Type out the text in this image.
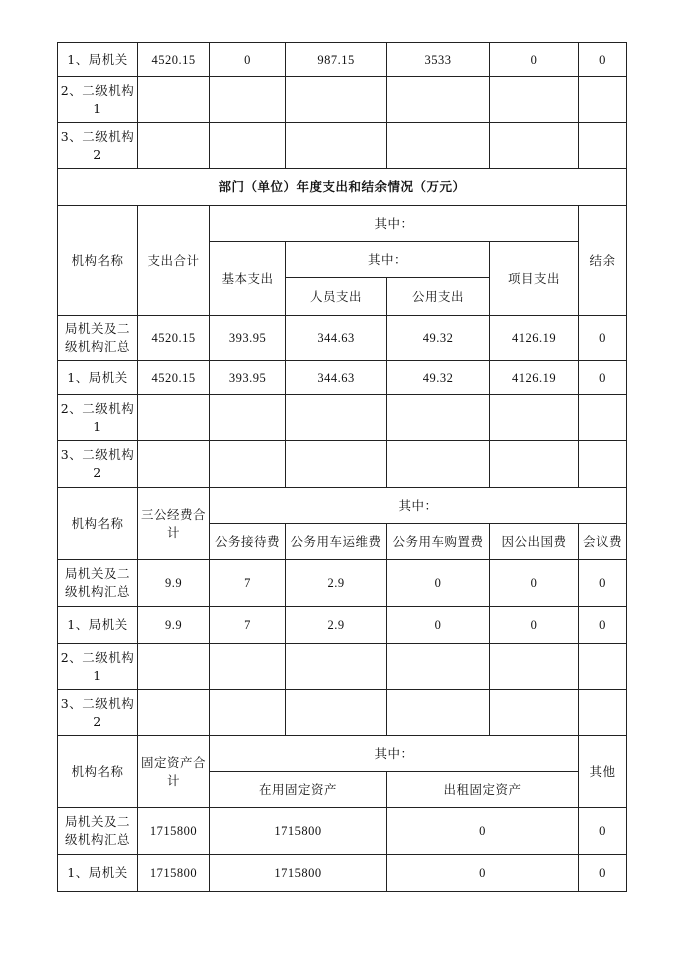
1、局机关	4520.15	0	987.15	3533	0	0
2、二级机构1						
3、二级机构2						
部门（单位）年度支出和结余情况（万元）						
机构名称	支出合计	其中：				结余
		基本支出	其中：		项目支出	
			人员支出	公用支出		
局机关及二级机构汇总	4520.15	393.95	344.63	49.32	4126.19	0
1、局机关	4520.15	393.95	344.63	49.32	4126.19	0
2、二级机构1						
3、二级机构2						
机构名称	三公经费合计	其中：				
		公务接待费	公务用车运维费	公务用车购置费	因公出国费	会议费
局机关及二级机构汇总	9.9	7	2.9	0	0	0
1、局机关	9.9	7	2.9	0	0	0
2、二级机构1						
3、二级机构2						
机构名称	固定资产合计	其中：				其他
		在用固定资产		出租固定资产		
局机关及二级机构汇总	1715800	1715800		0		0
1、局机关	1715800	1715800		0		0
